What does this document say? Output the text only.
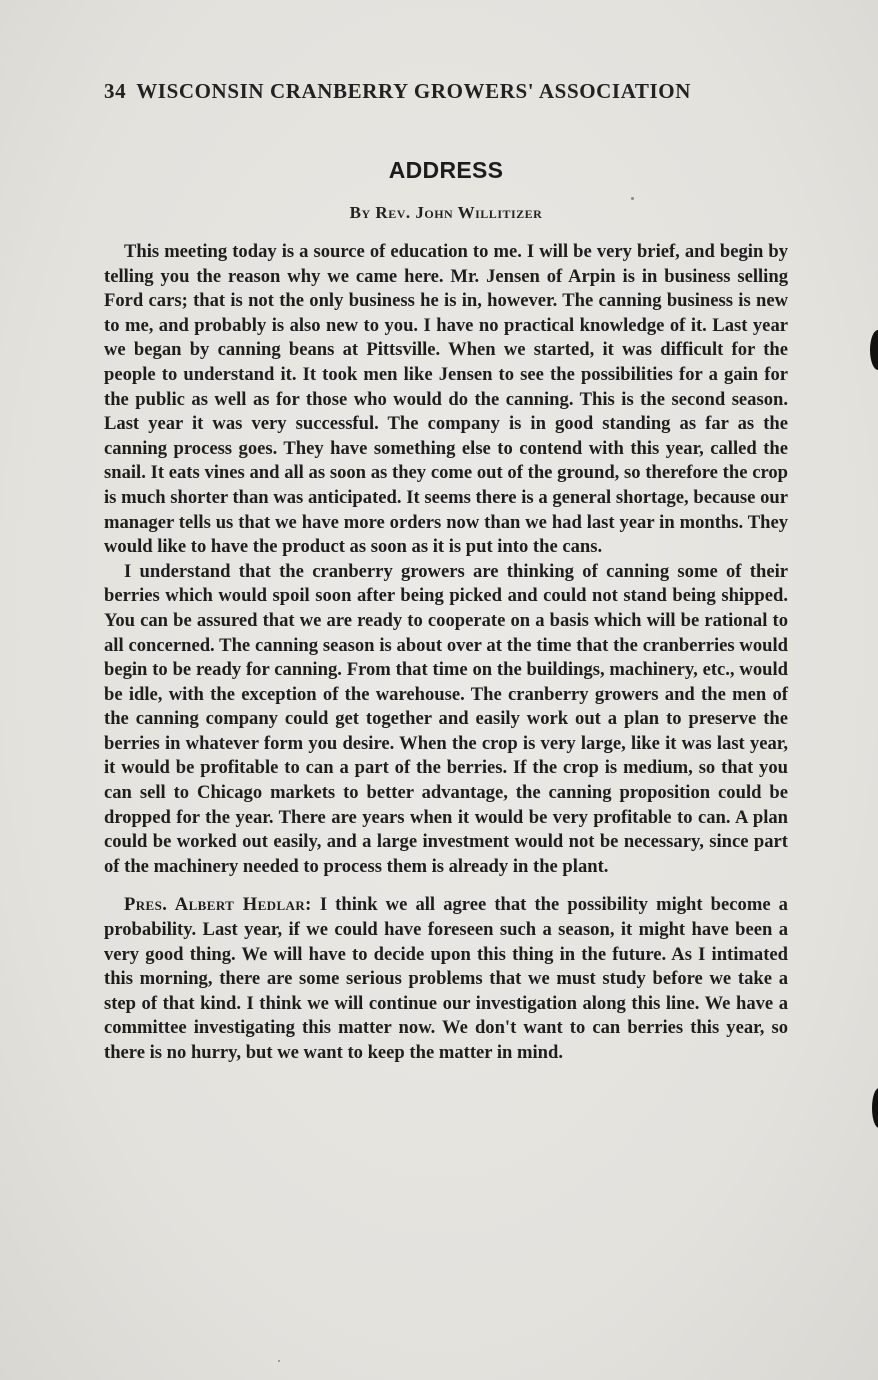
34 WISCONSIN CRANBERRY GROWERS' ASSOCIATION
ADDRESS
By Rev. John Willitizer

This meeting today is a source of education to me. I will be very brief, and begin by telling you the reason why we came here. Mr. Jensen of Arpin is in business selling Ford cars; that is not the only business he is in, however. The canning business is new to me, and probably is also new to you. I have no practical knowledge of it. Last year we began by canning beans at Pittsville. When we started, it was difficult for the people to understand it. It took men like Jensen to see the possibilities for a gain for the public as well as for those who would do the canning. This is the second season. Last year it was very successful. The company is in good standing as far as the canning process goes. They have something else to contend with this year, called the snail. It eats vines and all as soon as they come out of the ground, so therefore the crop is much shorter than was anticipated. It seems there is a general shortage, because our manager tells us that we have more orders now than we had last year in months. They would like to have the product as soon as it is put into the cans.

I understand that the cranberry growers are thinking of canning some of their berries which would spoil soon after being picked and could not stand being shipped. You can be assured that we are ready to cooperate on a basis which will be rational to all concerned. The canning season is about over at the time that the cranberries would begin to be ready for canning. From that time on the buildings, machinery, etc., would be idle, with the exception of the warehouse. The cranberry growers and the men of the canning company could get together and easily work out a plan to preserve the berries in whatever form you desire. When the crop is very large, like it was last year, it would be profitable to can a part of the berries. If the crop is medium, so that you can sell to Chicago markets to better advantage, the canning proposition could be dropped for the year. There are years when it would be very profitable to can. A plan could be worked out easily, and a large investment would not be necessary, since part of the machinery needed to process them is already in the plant.

Pres. Albert Hedlar: I think we all agree that the possibility might become a probability. Last year, if we could have foreseen such a season, it might have been a very good thing. We will have to decide upon this thing in the future. As I intimated this morning, there are some serious problems that we must study before we take a step of that kind. I think we will continue our investigation along this line. We have a committee investigating this matter now. We don't want to can berries this year, so there is no hurry, but we want to keep the matter in mind.
